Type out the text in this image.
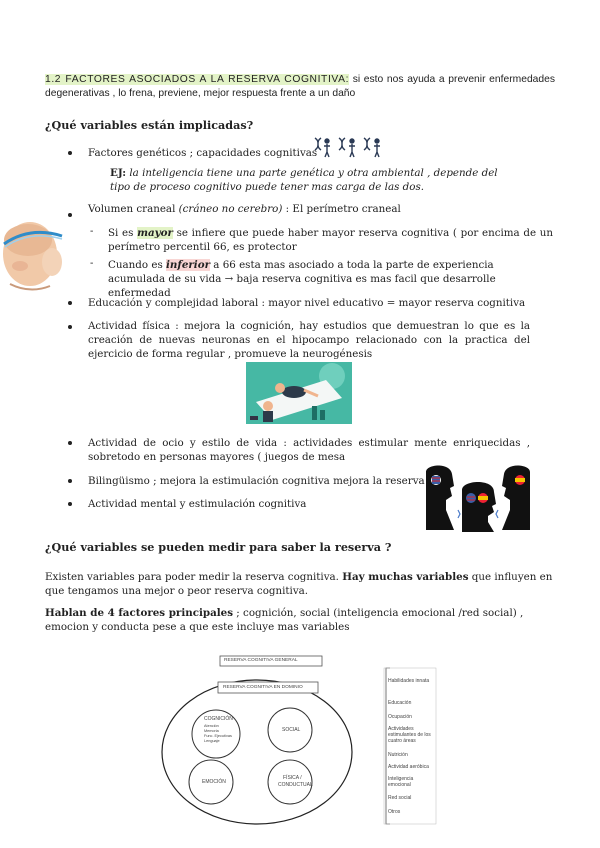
1.2 FACTORES ASOCIADOS A LA RESERVA COGNITIVA: si esto nos ayuda a prevenir enfermedades degenerativas , lo frena, previene, mejor respuesta frente a un daño
¿Qué variables están implicadas?
Factores genéticos ; capacidades cognitivas
EJ: la inteligencia tiene una parte genética y otra ambiental , depende del tipo de proceso cognitivo puede tener mas carga de las dos.
Volumen craneal (cráneo no cerebro) : El perímetro craneal
- Si es mayor se infiere que puede haber mayor reserva cognitiva ( por encima de un perímetro percentil 66, es protector
- Cuando es inferior a 66 esta mas asociado a toda la parte de experiencia acumulada de su vida → baja reserva cognitiva es mas facil que desarrolle enfermedad
Educación y complejidad laboral : mayor nivel educativo = mayor reserva cognitiva
Actividad física : mejora la cognición, hay estudios que demuestran lo que es la creación de nuevas neuronas en el hipocampo relacionado con la practica del ejercicio de forma regular , promueve la neurogénesis
Actividad de ocio y estilo de vida : actividades estimular mente enriquecidas , sobretodo en personas mayores ( juegos de mesa
Bilingüismo ; mejora la estimulación cognitiva mejora la reserva
Actividad mental y estimulación cognitiva
¿Qué variables se pueden medir para saber la reserva ?
Existen variables para poder medir la reserva cognitiva. Hay muchas variables que influyen en que tengamos una mejor o peor reserva cognitiva.
Hablan de 4 factores principales ; cognición, social (inteligencia emocional /red social) , emocion y conducta pese a que este incluye mas variables
RESERVA COGNITIVA GENERAL
RESERVA COGNITIVA EN DOMINIO
COGNICIÓN
Atención
Memoria
Func. Ejecutivas
Lenguaje
SOCIAL
EMOCIÓN
FÍSICA /
CONDUCTUAL
Habilidades innata
Educación
Ocupación
Actividades estimulantes de los cuatro áreas
Nutrición
Actividad aeróbica
Inteligencia emocional
Red social
Otros
